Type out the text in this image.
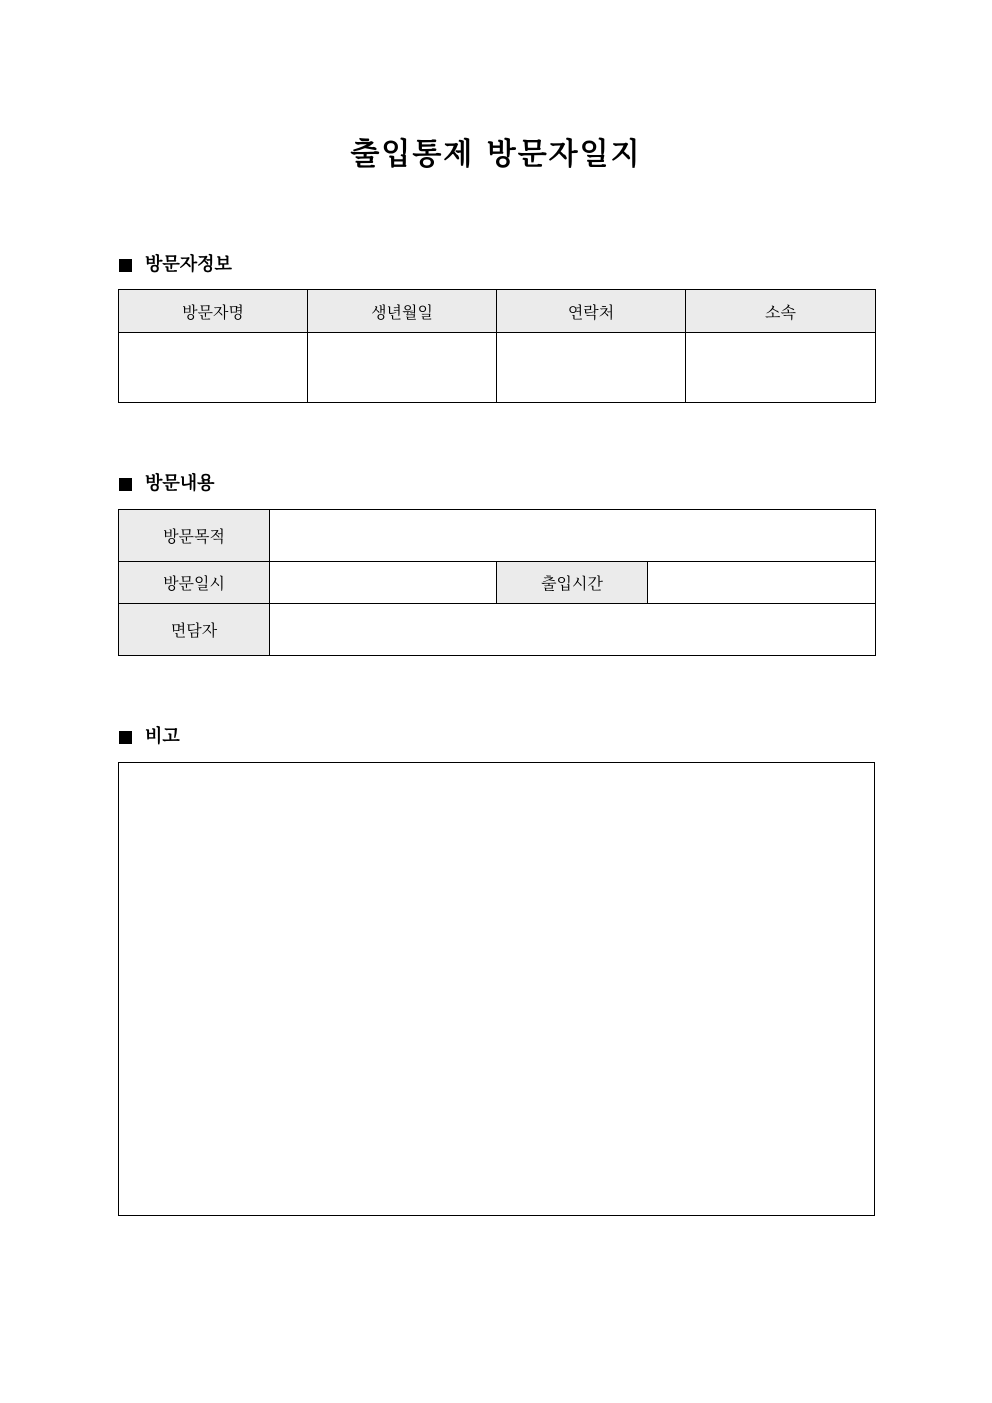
출입통제 방문자일지
방문자정보
방문자명	생년월일	연락처	소속

방문내용
방문목적			
방문일시		출입시간	
면담자			
비고
